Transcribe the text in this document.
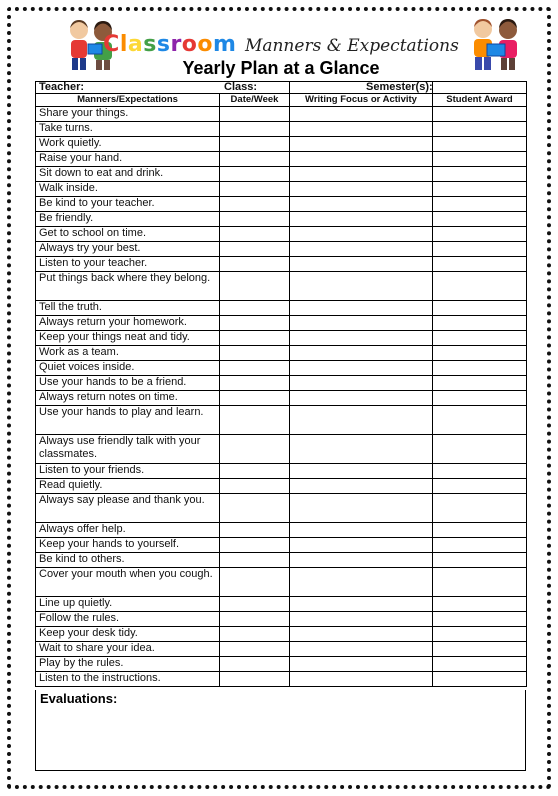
Classroom Manners & Expectations
Yearly Plan at a Glance
Teacher:		Class:	Semester(s):
Manners/Expectations	Date/Week	Writing Focus or Activity	Student Award
Share your things.			
Take turns.			
Work quietly.			
Raise your hand.			
Sit down to eat and drink.			
Walk inside.			
Be kind to your teacher.			
Be friendly.			
Get to school on time.			
Always try your best.			
Listen to your teacher.			
Put things back where they belong.			
Tell the truth.			
Always return your homework.			
Keep your things neat and tidy.			
Work as a team.			
Quiet voices inside.			
Use your hands to be a friend.			
Always return notes on time.			
Use your hands to play and learn.			
Always use friendly talk with your classmates.			
Listen to your friends.			
Read quietly.			
Always say please and thank you.			
Always offer help.			
Keep your hands to yourself.			
Be kind to others.			
Cover your mouth when you cough.			
Line up quietly.			
Follow the rules.			
Keep your desk tidy.			
Wait to share your idea.			
Play by the rules.			
Listen to the instructions.			
Evaluations:
